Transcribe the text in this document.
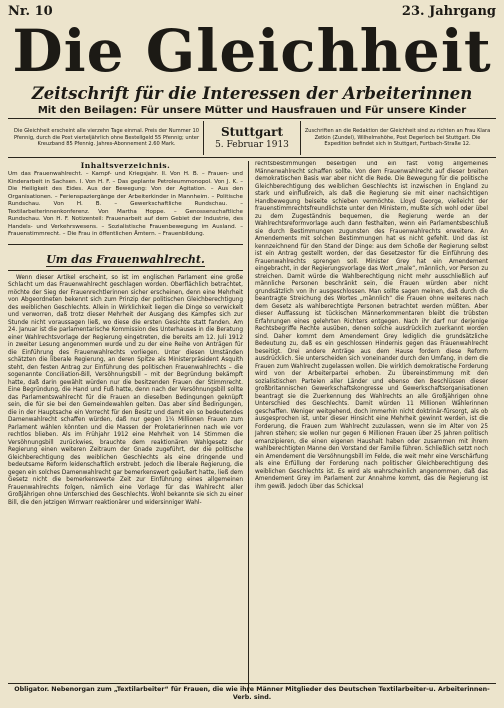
Nr. 10	23. Jahrgang
Die Gleichheit
Zeitschrift für die Interessen der Arbeiterinnen
Mit den Beilagen: Für unsere Mütter und Hausfrauen und Für unsere Kinder
Die Gleichheit erscheint alle vierzehn Tage einmal. Preis der Nummer 10 Pfennig, durch die Post vierteljährlich ohne Bestellgeld 55 Pfennig; unter Kreuzband 85 Pfennig. Jahres-Abonnement 2.60 Mark.
Stuttgart
5. Februar 1913
Zuschriften an die Redaktion der Gleichheit sind zu richten an Frau Klara Zetkin (Zundel), Wilhelmshöhe, Post Degerloch bei Stuttgart. Die Expedition befindet sich in Stuttgart, Furtbach-Straße 12.
Inhaltsverzeichnis.

Um das Frauenwahlrecht. – Kampf- und Kriegsjahr. II. Von H. B. – Frauen- und Kinderarbeit in Sachsen. I. Von H. F. – Das geplante Petroleummonopol. Von J. K. – Die Heiligkeit des Eides. Aus der Bewegung: Von der Agitation. – Aus den Organisationen. – Ferienspaziergänge der Arbeiterkinder in Mannheim. – Politische Rundschau. Von H. B. – Gewerkschaftliche Rundschau. – Textilarbeiterinnenkonferenz. Von Martha Hoppe. – Genossenschaftliche Rundschau. Von H. F. Notizenteil: Frauenarbeit auf dem Gebiet der Industrie, des Handels- und Verkehrswesens. – Sozialistische Frauenbewegung im Ausland. – Frauenstimmrecht. – Die Frau in öffentlichen Ämtern. – Frauenbildung.

Um das Frauenwahlrecht.

Wenn dieser Artikel erscheint, so ist im englischen Parlament eine große Schlacht um das Frauenwahlrecht geschlagen worden. Oberflächlich betrachtet, möchte der Sieg der Frauenrechtlerinnen sicher erscheinen, denn eine Mehrheit von Abgeordneten bekennt sich zum Prinzip der politischen Gleichberechtigung des weiblichen Geschlechts. Allein in Wirklichkeit liegen die Dinge so verwickelt und verworren, daß trotz dieser Mehrheit der Ausgang des Kampfes sich zur Stunde nicht voraussagen ließ, wo diese die ersten Gesichte statt fanden. Am 24. Januar ist die parlamentarische Kommission des Unterhauses in die Beratung einer Wahlrechtsvorlage der Regierung eingetreten, die bereits am 12. Juli 1912 in zweiter Lesung angenommen wurde und zu der eine Reihe von Anträgen für die Einführung des Frauenwahlrechts vorliegen. Unter diesen Umständen schätzten die liberale Regierung, an deren Spitze als Ministerpräsident Asquith steht, den festen Antrag zur Einführung des politischen Frauenwahlrechts – die sogenannte Conciliation-Bill, Versöhnungsbill – mit der Begründung bekämpft hatte, daß darin gewählt würden nur die besitzenden Frauen der Stimmrecht. Eine Begründung, die Hand und Fuß hatte, denn nach der Versöhnungsbill sollte das Parlamentswahlrecht für die Frauen an dieselben Bedingungen geknüpft sein, die für sie bei den Gemeindewahlen gelten. Das aber sind Bedingungen, die in der Hauptsache ein Vorrecht für den Besitz und damit ein so bedeutendes Damenwahlrecht schaffen würden, daß nur gegen 1¼ Millionen Frauen zum Parlament wählen könnten und die Massen der Proletarierinnen nach wie vor rechtlos blieben. Als im Frühjahr 1912 eine Mehrheit von 14 Stimmen die Versöhnungsbill zurückwies, brauchte dem reaktionären Wahlgesetz der Regierung einen weiteren Zeitraum der Gnade zugeführt, der die politische Gleichberechtigung des weiblichen Geschlechts als eine dringende und bedeutsame Reform leidenschaftlich erstrebt. Jedoch die liberale Regierung, die gegen ein solches Damenwahlrecht gar bemerkenswert geäußert hatte, ließ dem Gesetz nicht die bemerkenswerte Zeit zur Einführung eines allgemeinen Frauenwahlrechts folgen, nämlich eine Vorlage für das Wahlrecht aller Großjährigen ohne Unterschied des Geschlechts. Wohl bekannte sie sich zu einer Bill, die den jetzigen Wirrwarr reaktionärer und widersinniger Wahl-

rechtsbestimmungen beseitigen und ein fast völlig allgemeines Männerwahlrecht schaffen sollte. Von dem Frauenwahlrecht auf dieser breiten demokratischen Basis war aber nicht die Rede. Die Bewegung für die politische Gleichberechtigung des weiblichen Geschlechts ist inzwischen in England zu stark und einflußreich, als daß die Regierung sie mit einer nachsichtigen Handbewegung beiseite schieben vermöchte. Lloyd George, vielleicht der frauenstimmrechtsfreundlichste unter den Ministern, mußte sich wohl oder übel zu dem Zugeständnis bequemen, die Regierung werde an der Wahlrechtsreformvorlage auch dann festhalten, wenn ein Parlamentsbeschluß sie durch Bestimmungen zugunsten des Frauenwahlrechts erweitere. An Amendements mit solchen Bestimmungen hat es nicht gefehlt. Und das ist kennzeichnend für den Stand der Dinge: aus dem Schoße der Regierung selbst ist ein Antrag gestellt worden, der das Gesetzestor für die Einführung des Frauenwahlrechts sprengen soll. Minister Grey hat ein Amendement eingebracht, in der Regierungsvorlage das Wort „male“, männlich, vor Person zu streichen. Damit würde die Wahlberechtigung nicht mehr ausschließlich auf männliche Personen beschränkt sein, die Frauen würden aber nicht grundsätzlich von ihr ausgeschlossen. Man sollte sagen meinen, daß durch die beantragte Streichung des Wortes „männlich“ die Frauen ohne weiteres nach dem Gesetz als wahlberechtigte Personen betrachtet werden müßten. Aber dieser Auffassung ist tückischen Männerkommentaren bleibt die trübsten Erfahrungen eines gelehrten Richters entgegen. Nach ihr darf nur derjenige Rechtsbegriffe Rechte ausüben, denen solche ausdrücklich zuerkannt worden sind. Daher kommt dem Amendement Grey lediglich die grundsätzliche Bedeutung zu, daß es ein geschlossen Hindernis gegen das Frauenwahlrecht beseitigt. Drei andere Anträge aus dem Hause fordern diese Reform ausdrücklich. Sie unterscheiden sich voneinander durch den Umfang, in dem die Frauen zum Wahlrecht zugelassen wollen. Die wirklich demokratische Forderung wird von der Arbeiterpartei erhoben. Zu Übereinstimmung mit den sozialistischen Parteien aller Länder und ebenso den Beschlüssen dieser großbritannischen Gewerkschaftskongresse und Gewerkschaftsorganisationen beantragt sie die Zuerkennung des Wahlrechts an alle Großjährigen ohne Unterschied des Geschlechts. Damit würden 11 Millionen Wählerinnen geschaffen. Weniger weitgehend, doch immerhin nicht doktrinär-fürsorgt, als ob ausgesprochen ist, unter dieser Hinsicht eine Mehrheit gewinnt werden, ist die Forderung, die Frauen zum Wahlrecht zuzulassen, wenn sie im Alter von 25 Jahren stehen; sie wollen nur gegen 6 Millionen Frauen über 25 Jahren politisch emanzipieren, die einen eigenen Haushalt haben oder zusammen mit ihrem wahlberechtigten Manne den Vorstand der Familie führen. Schließlich setzt noch ein Amendement die Versöhnungsbill im Felde, die weit mehr eine Verschärfung als eine Erfüllung der Forderung nach politischer Gleichberechtigung des weiblichen Geschlechts ist. Es wird als wahrscheinlich angenommen, daß das Amendement Grey im Parlament zur Annahme kommt, das die Regierung ist ihm gewiß. Jedoch über das Schicksal

Obligator. Nebenorgan zum „Textilarbeiter“ für Frauen, die wie ihre Männer Mitglieder des Deutschen Textilarbeiter-u. Arbeiterinnen-Verb. sind.
